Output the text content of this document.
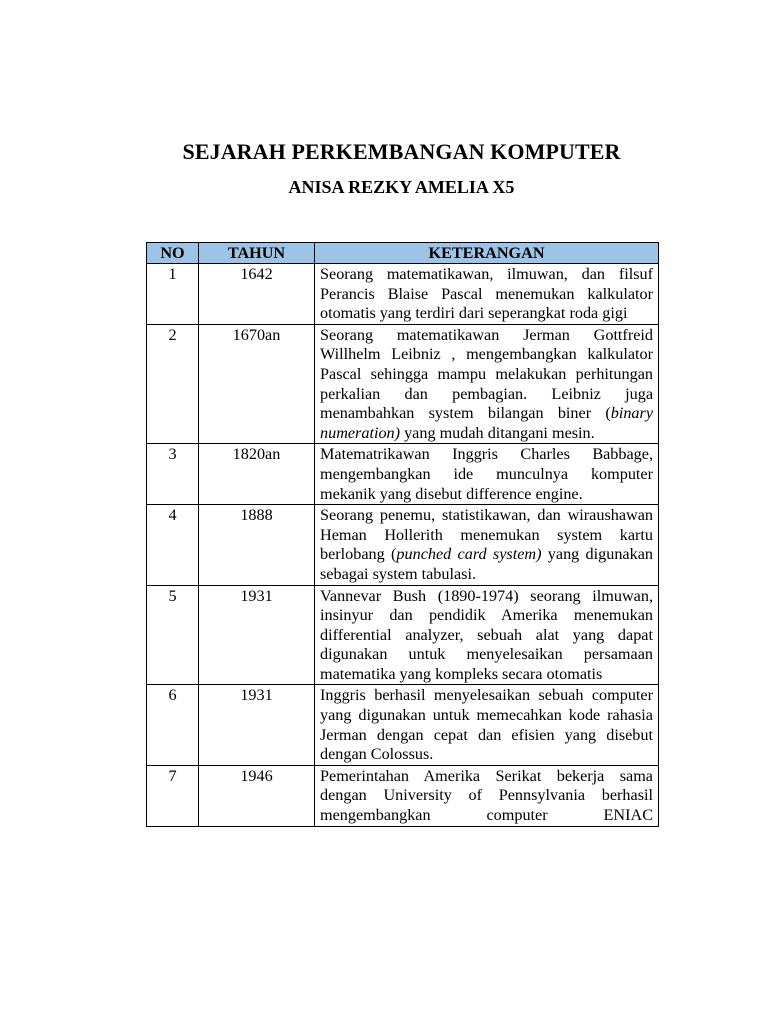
SEJARAH PERKEMBANGAN KOMPUTER
ANISA REZKY AMELIA X5
NO	TAHUN	KETERANGAN
1	1642	Seorang matematikawan, ilmuwan, dan filsuf Perancis Blaise Pascal menemukan kalkulator otomatis yang terdiri dari seperangkat roda gigi
2	1670an	Seorang matematikawan Jerman Gottfreid Willhelm Leibniz , mengembangkan kalkulator Pascal sehingga mampu melakukan perhitungan perkalian dan pembagian. Leibniz juga menambahkan system bilangan biner (binary numeration) yang mudah ditangani mesin.
3	1820an	Matematrikawan Inggris Charles Babbage, mengembangkan ide munculnya komputer mekanik yang disebut difference engine.
4	1888	Seorang penemu, statistikawan, dan wiraushawan Heman Hollerith menemukan system kartu berlobang (punched card system) yang digunakan sebagai system tabulasi.
5	1931	Vannevar Bush (1890-1974) seorang ilmuwan, insinyur dan pendidik Amerika menemukan differential analyzer, sebuah alat yang dapat digunakan untuk menyelesaikan persamaan matematika yang kompleks secara otomatis
6	1931	Inggris berhasil menyelesaikan sebuah computer yang digunakan untuk memecahkan kode rahasia Jerman dengan cepat dan efisien yang disebut dengan Colossus.
7	1946	Pemerintahan Amerika Serikat bekerja sama dengan University of Pennsylvania berhasil mengembangkan computer ENIAC
